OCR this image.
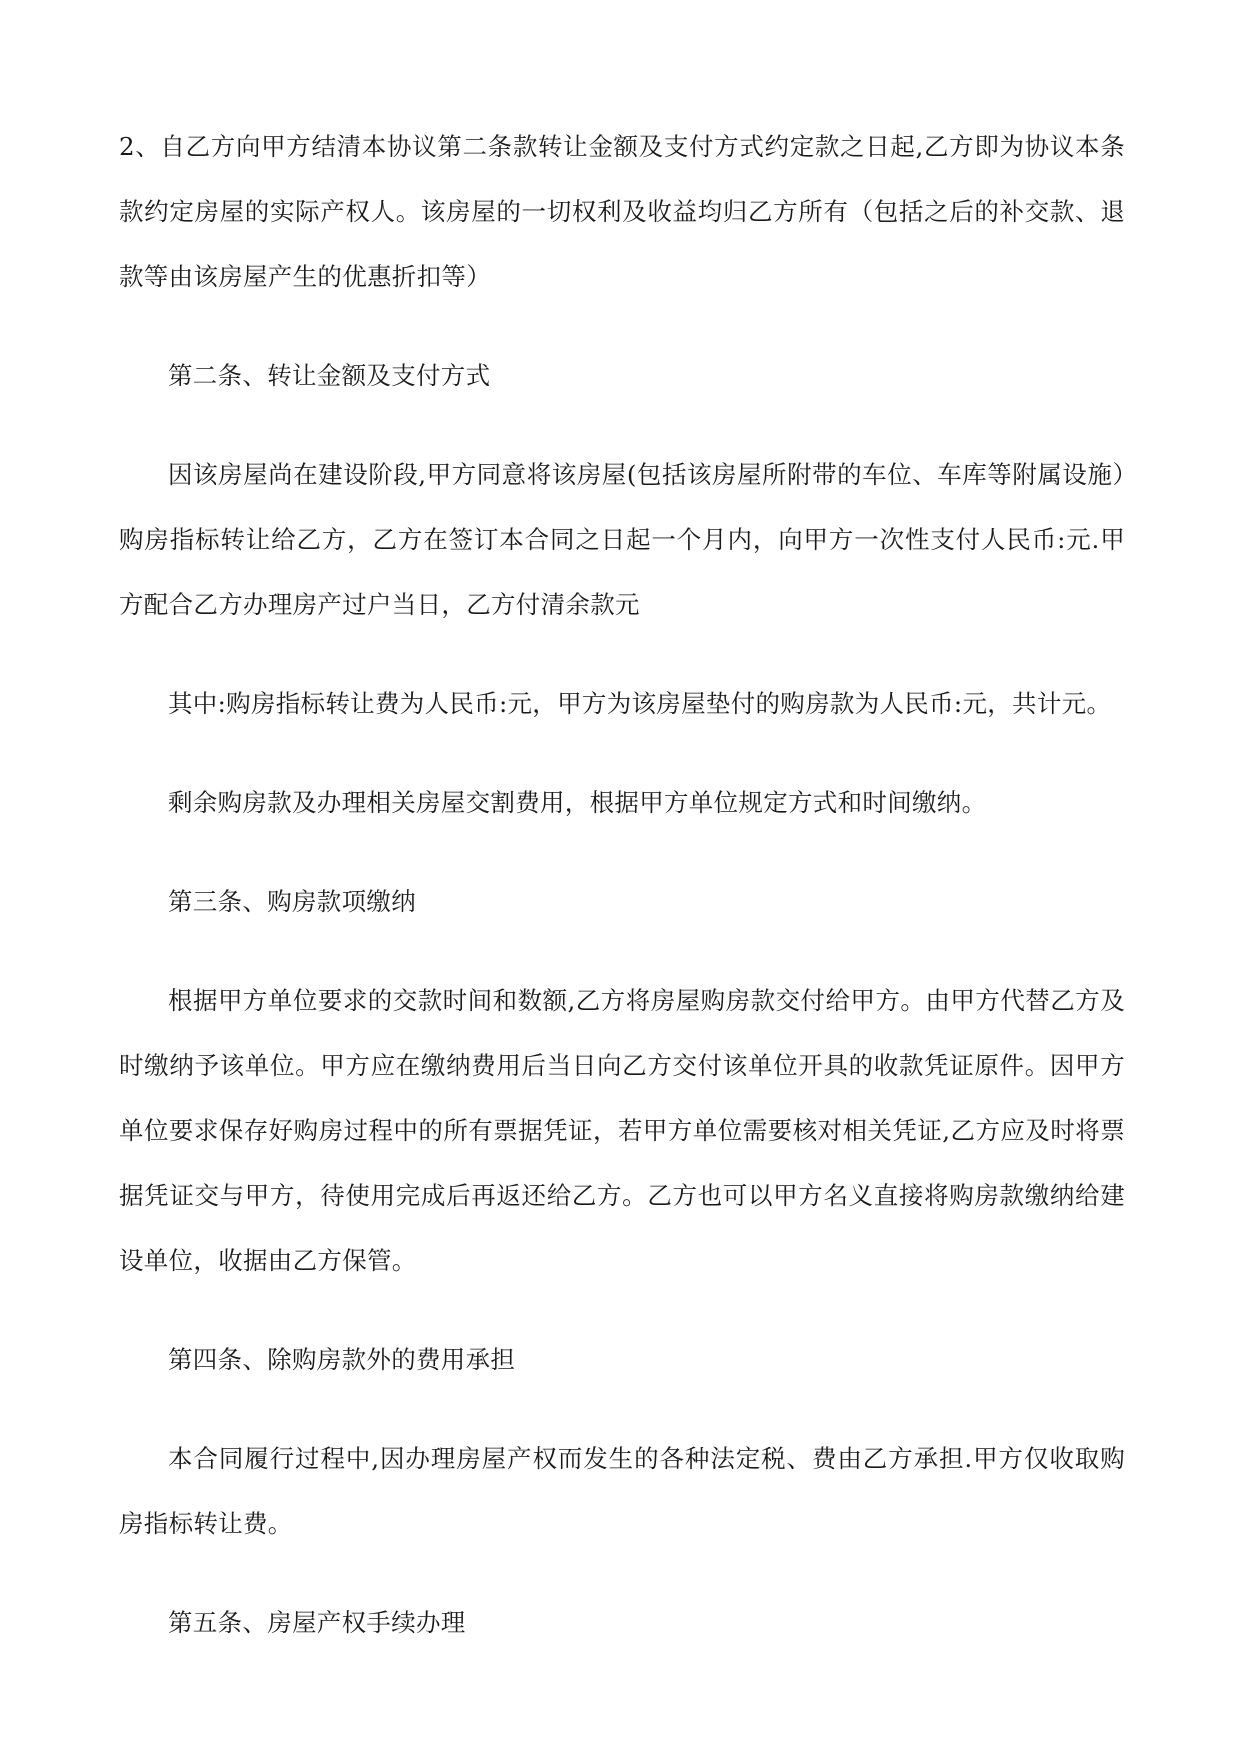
2、自乙方向甲方结清本协议第二条款转让金额及支付方式约定款之日起,乙方即为协议本条款约定房屋的实际产权人。该房屋的一切权利及收益均归乙方所有（包括之后的补交款、退款等由该房屋产生的优惠折扣等）

第二条、转让金额及支付方式

因该房屋尚在建设阶段,甲方同意将该房屋(包括该房屋所附带的车位、车库等附属设施）购房指标转让给乙方，乙方在签订本合同之日起一个月内，向甲方一次性支付人民币:元.甲方配合乙方办理房产过户当日，乙方付清余款元

其中:购房指标转让费为人民币:元，甲方为该房屋垫付的购房款为人民币:元，共计元。

剩余购房款及办理相关房屋交割费用，根据甲方单位规定方式和时间缴纳。

第三条、购房款项缴纳

根据甲方单位要求的交款时间和数额,乙方将房屋购房款交付给甲方。由甲方代替乙方及时缴纳予该单位。甲方应在缴纳费用后当日向乙方交付该单位开具的收款凭证原件。因甲方单位要求保存好购房过程中的所有票据凭证，若甲方单位需要核对相关凭证,乙方应及时将票据凭证交与甲方，待使用完成后再返还给乙方。乙方也可以甲方名义直接将购房款缴纳给建设单位，收据由乙方保管。

第四条、除购房款外的费用承担

本合同履行过程中,因办理房屋产权而发生的各种法定税、费由乙方承担.甲方仅收取购房指标转让费。

第五条、房屋产权手续办理
